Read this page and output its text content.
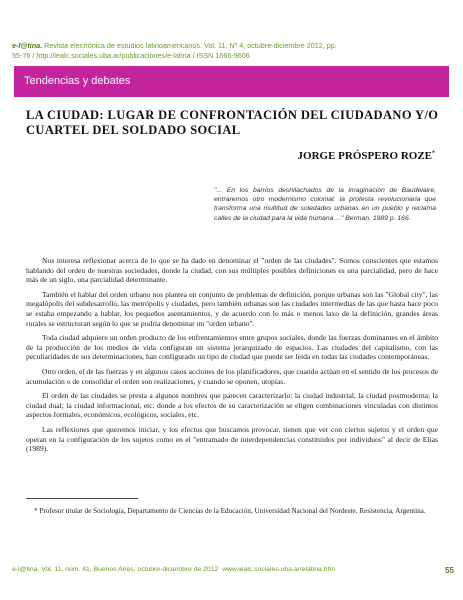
e-l@tina. Revista electrónica de estudios latinoamericanos. Vol. 11, Nº 4, octubre-diciembre 2012, pp.
55-76 / http://iealc.sociales.uba.ar/publicaciones/e-latina / ISSN 1666-9606
Tendencias y debates
LA CIUDAD: LUGAR DE CONFRONTACIÓN DEL CIUDADANO Y/O CUARTEL DEL SOLDADO SOCIAL
JORGE PRÓSPERO ROZE*
"... En los barrios deshilachados de la imaginación de Baudelaire, entraremos otro modernismo colonial: la protesta revolucionaria que transforma una multitud de soledades urbanas en un pueblo y reclama calles de la ciudad para la vida humana ..." Berman, 1989 p. 166.

Nos interesa reflexionar acerca de lo que se ha dado en denominar el "orden de las ciudades". Somos conscientes que estamos hablando del orden de nuestras sociedades, donde la ciudad, con sus múltiples posibles definiciones es una parcialidad, pero de hace más de un siglo, una parcialidad determinante.

También el hablar del orden urbano nos plantea un conjunto de problemas de definición, porque urbanas son las "Global city", las megalópolis del subdesarrollo, las metrópolis y ciudades, pero también urbanas son las ciudades intermedias de las que hasta hace poco se estaba empezando a hablar, los pequeños asentamientos, y de acuerdo con lo más o menos laxo de la definición, grandes áreas rurales se estructuran según lo que se podría denominar un "orden urbano".

Toda ciudad adquiere un orden producto de los enfrentamientos entre grupos sociales, donde las fuerzas dominantes en el ámbito de la producción de los medios de vida configuran un sistema jerarquizado de espacios. Las ciudades del capitalismo, con las peculiaridades de sus determinaciones, han configurado un tipo de ciudad que puede ser leída en todas las ciudades contemporáneas.

Otro orden, el de las fuerzas y en algunos casos acciones de los planificadores, que cuando actúan en el sentido de los procesos de acumulación o de consolidar el orden son realizaciones, y cuando se oponen, utopías.

El orden de las ciudades se presta a algunos nombres que parecen caracterizarlo: la ciudad industrial, la ciudad postmoderna; la ciudad dual; la ciudad informacional, etc. donde a los efectos de su caracterización se eligen combinaciones vinculadas con distintos aspectos formales, económicos, ecológicos, sociales, etc.

Las reflexiones que queremos iniciar, y los efectos que buscamos provocar, tienen que ver con ciertos sujetos y el orden que operan en la configuración de los sujetos como en el "entramado de interdependencias constituidos por individuos" al decir de Elias (1989).

* Profesor titular de Sociología, Departamento de Ciencias de la Educación, Universidad Nacional del Nordeste. Resistencia, Argentina.
e-l@tina, Vol. 11, núm. 41, Buenos Aires, octubre-diciembre de 2012 www.iealc.sociales.uba.ar/elatina.htm	55
